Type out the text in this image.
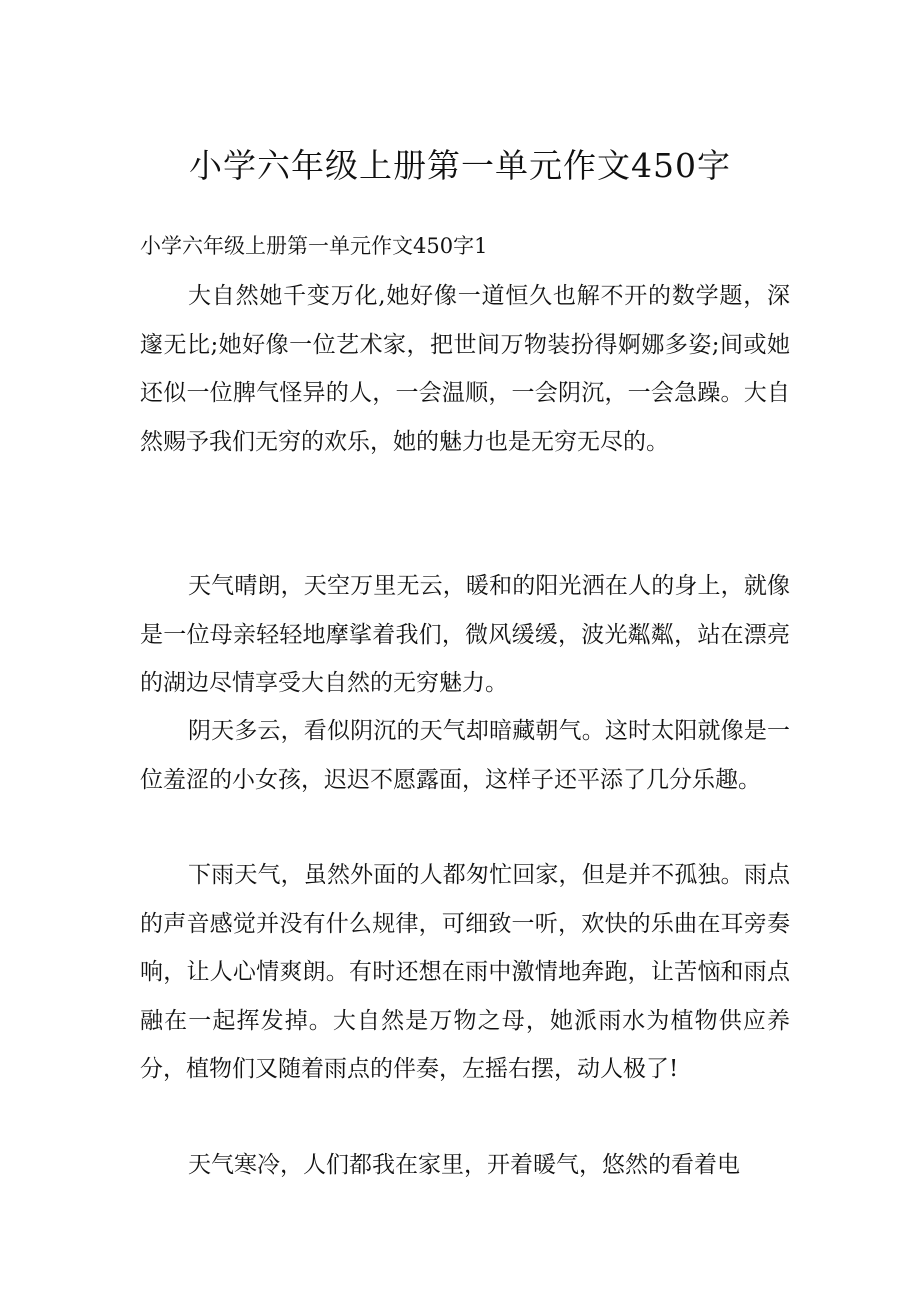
小学六年级上册第一单元作文450字

小学六年级上册第一单元作文450字1

大自然她千变万化,她好像一道恒久也解不开的数学题，深邃无比;她好像一位艺术家，把世间万物装扮得婀娜多姿;间或她还似一位脾气怪异的人，一会温顺，一会阴沉，一会急躁。大自然赐予我们无穷的欢乐，她的魅力也是无穷无尽的。

天气晴朗，天空万里无云，暖和的阳光洒在人的身上，就像是一位母亲轻轻地摩挲着我们，微风缓缓，波光粼粼，站在漂亮的湖边尽情享受大自然的无穷魅力。

阴天多云，看似阴沉的天气却暗藏朝气。这时太阳就像是一位羞涩的小女孩，迟迟不愿露面，这样子还平添了几分乐趣。

下雨天气，虽然外面的人都匆忙回家，但是并不孤独。雨点的声音感觉并没有什么规律，可细致一听，欢快的乐曲在耳旁奏响，让人心情爽朗。有时还想在雨中激情地奔跑，让苦恼和雨点融在一起挥发掉。大自然是万物之母，她派雨水为植物供应养分，植物们又随着雨点的伴奏，左摇右摆，动人极了!

天气寒冷，人们都我在家里，开着暖气，悠然的看着电
